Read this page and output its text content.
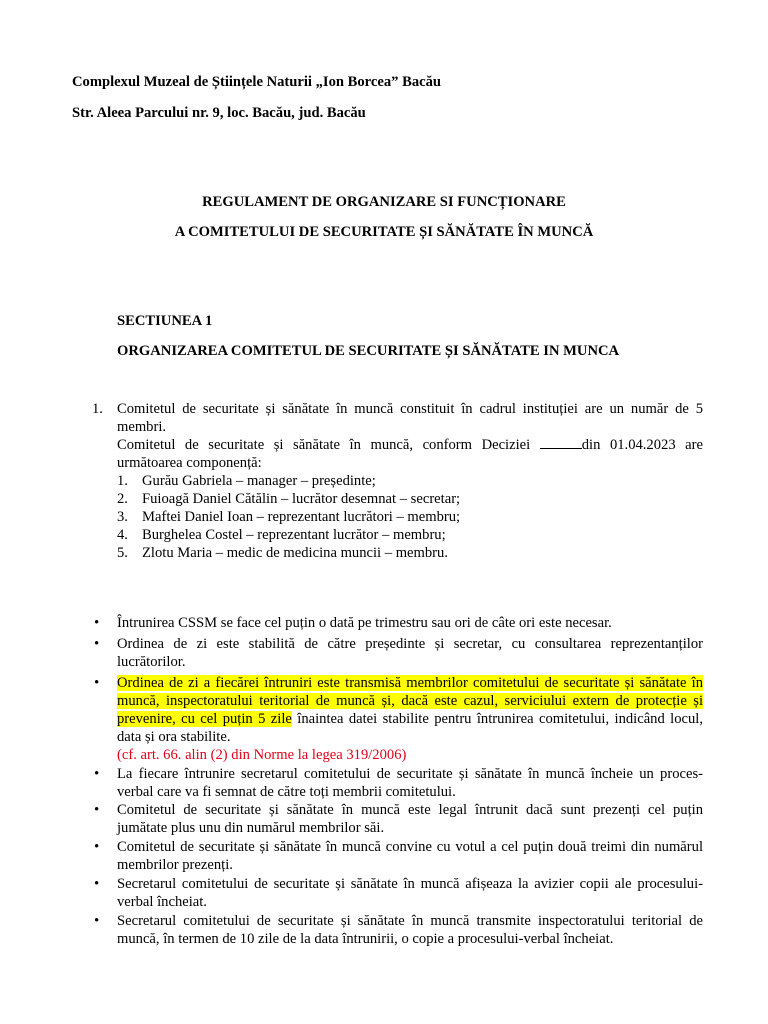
Complexul Muzeal de Științele Naturii „Ion Borcea” Bacău
Str. Aleea Parcului nr. 9, loc. Bacău, jud. Bacău
REGULAMENT DE ORGANIZARE SI FUNCȚIONARE
A COMITETULUI DE SECURITATE ȘI SĂNĂTATE ÎN MUNCĂ
SECTIUNEA 1
ORGANIZAREA COMITETUL DE SECURITATE ȘI SĂNĂTATE IN MUNCA
1. Comitetul de securitate și sănătate în muncă constituit în cadrul instituției are un număr de 5
membri.
Comitetul de securitate și sănătate în muncă, conform Deciziei	din 01.04.2023 are
următoarea componență:
1. Gurău Gabriela – manager – președinte;
2. Fuioagă Daniel Cătălin – lucrător desemnat – secretar;
3. Maftei Daniel Ioan – reprezentant lucrători – membru;
4. Burghelea Costel – reprezentant lucrător – membru;
5. Zlotu Maria – medic de medicina muncii – membru.
• Întrunirea CSSM se face cel puțin o dată pe trimestru sau ori de câte ori este necesar.
• Ordinea de zi este stabilită de către președinte și secretar, cu consultarea reprezentanților
lucrătorilor.
• Ordinea de zi a fiecărei întruniri este transmisă membrilor comitetului de securitate și sănătate în
muncă, inspectoratului teritorial de muncă și, dacă este cazul, serviciului extern de protecție și
prevenire, cu cel puțin 5 zile înaintea datei stabilite pentru întrunirea comitetului, indicând locul,
data și ora stabilite.
(cf. art. 66. alin (2) din Norme la legea 319/2006)
• La fiecare întrunire secretarul comitetului de securitate și sănătate în muncă încheie un proces-
verbal care va fi semnat de către toți membrii comitetului.
• Comitetul de securitate și sănătate în muncă este legal întrunit dacă sunt prezenți cel puțin
jumătate plus unu din numărul membrilor săi.
• Comitetul de securitate și sănătate în muncă convine cu votul a cel puțin două treimi din numărul
membrilor prezenți.
• Secretarul comitetului de securitate și sănătate în muncă afișeaza la avizier copii ale procesului-
verbal încheiat.
• Secretarul comitetului de securitate și sănătate în muncă transmite inspectoratului teritorial de
muncă, în termen de 10 zile de la data întrunirii, o copie a procesului-verbal încheiat.
